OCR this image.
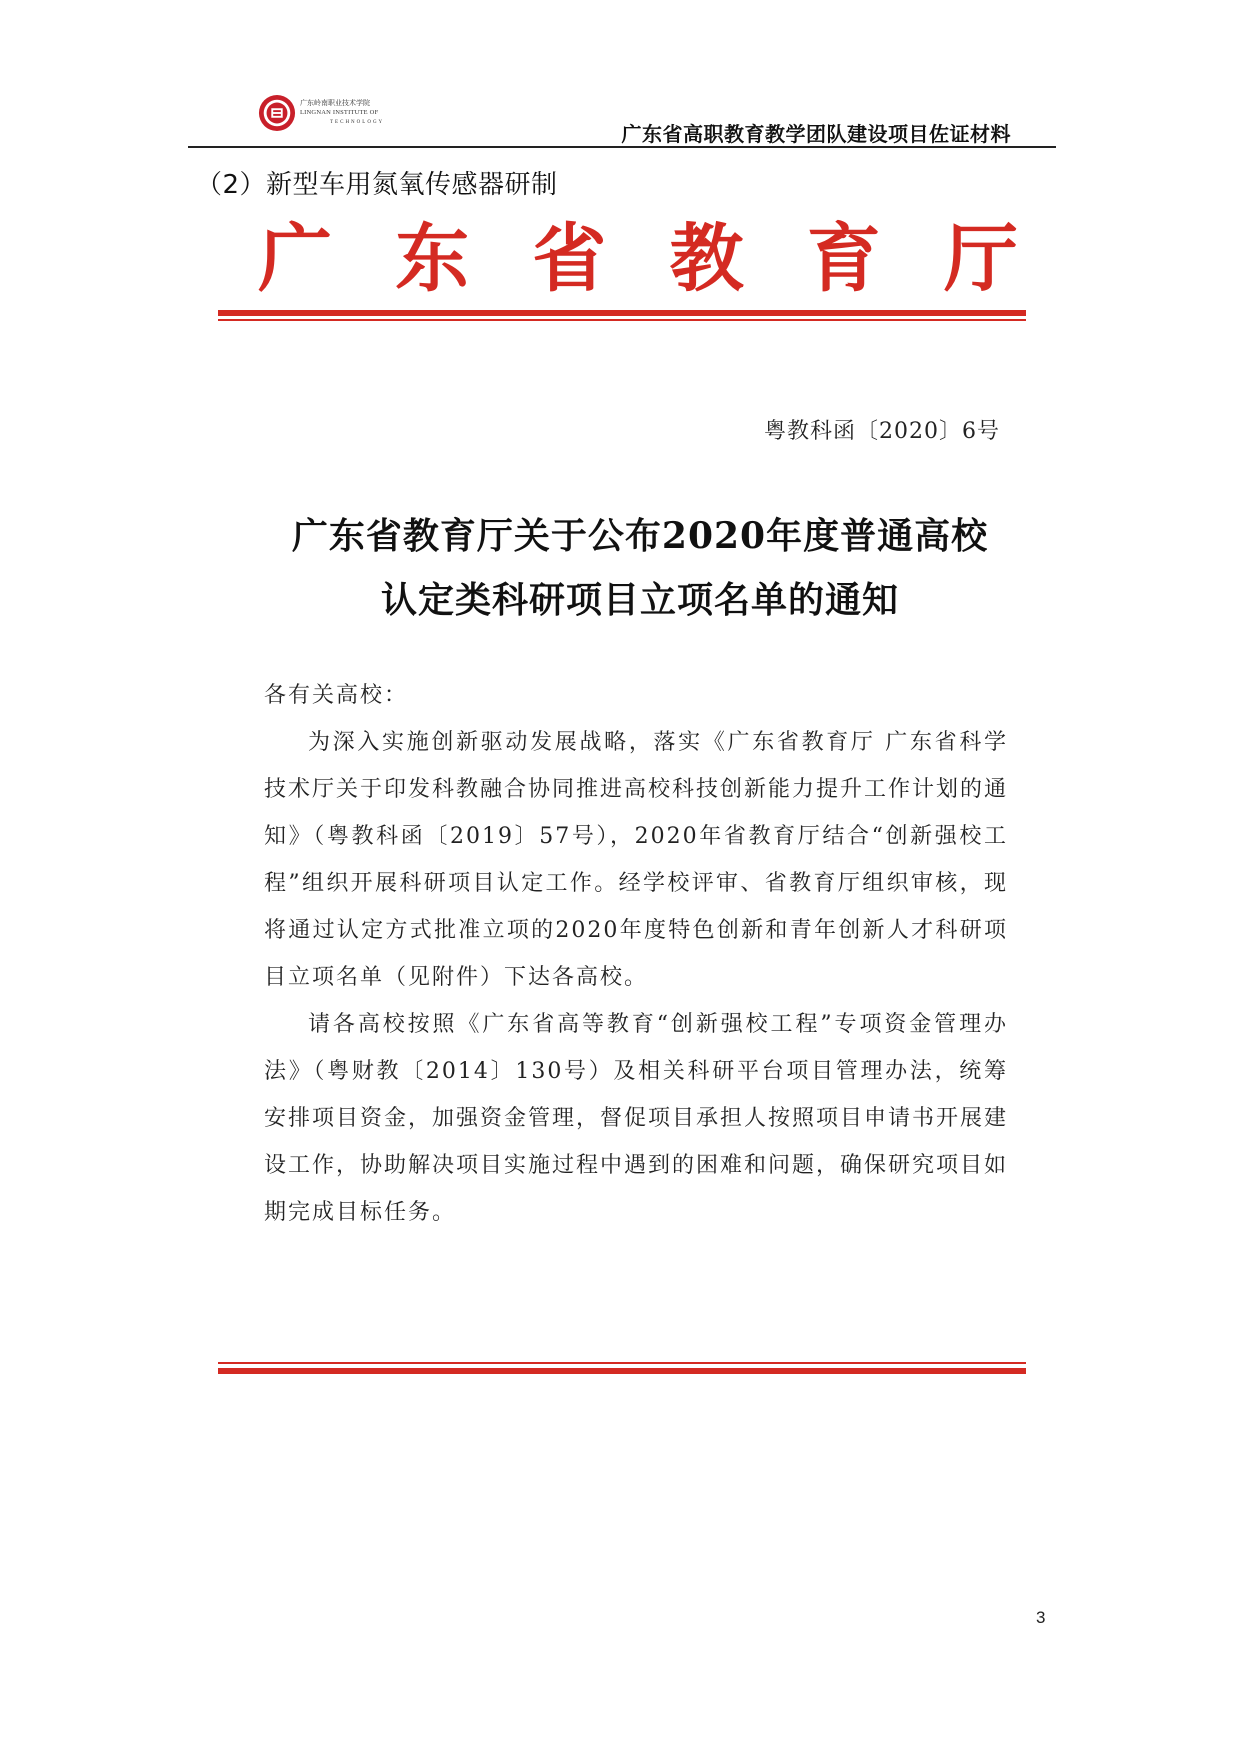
广东岭南职业技术学院
LINGNAN INSTITUTE OF
TECHNOLOGY	广东省高职教育教学团队建设项目佐证材料
（2）新型车用氮氧传感器研制
广 东 省 教 育 厅
粤教科函〔2020〕6号
广东省教育厅关于公布2020年度普通高校
认定类科研项目立项名单的通知

各有关高校：

为深入实施创新驱动发展战略，落实《广东省教育厅 广东省科学技术厅关于印发科教融合协同推进高校科技创新能力提升工作计划的通知》（粤教科函〔2019〕57号），2020年省教育厅结合“创新强校工程”组织开展科研项目认定工作。经学校评审、省教育厅组织审核，现将通过认定方式批准立项的2020年度特色创新和青年创新人才科研项目立项名单（见附件）下达各高校。

请各高校按照《广东省高等教育“创新强校工程”专项资金管理办法》（粤财教〔2014〕130号）及相关科研平台项目管理办法，统筹安排项目资金，加强资金管理，督促项目承担人按照项目申请书开展建设工作，协助解决项目实施过程中遇到的困难和问题，确保研究项目如期完成目标任务。

3
